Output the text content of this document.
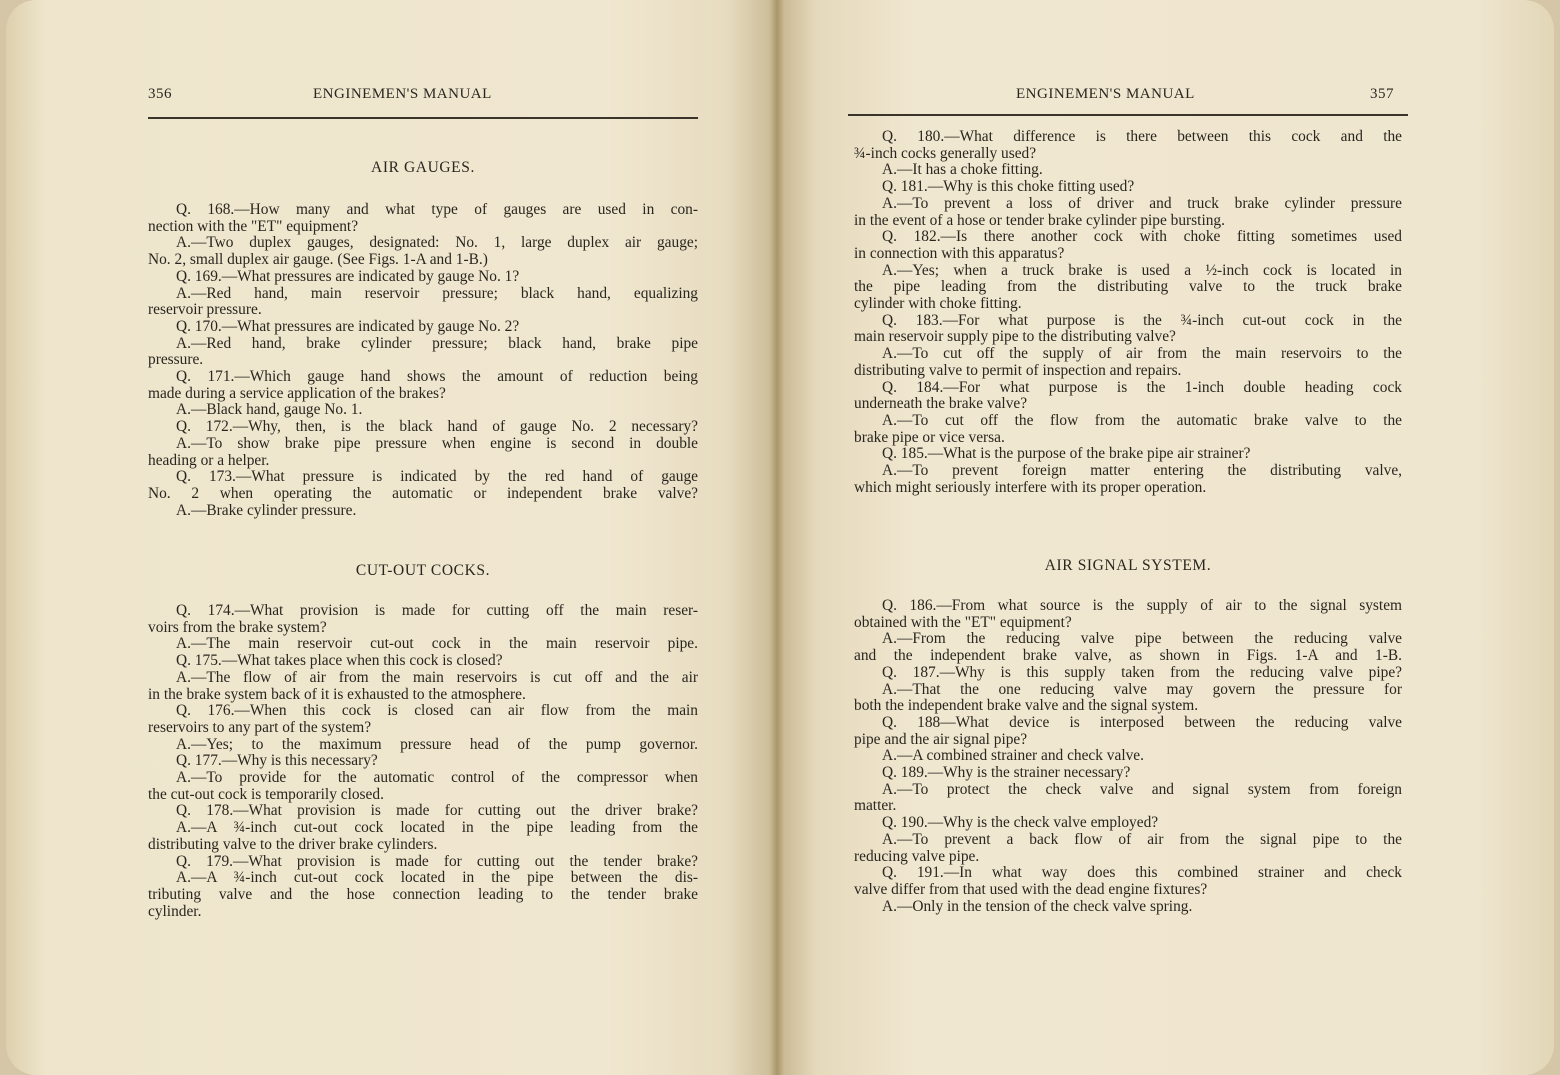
356	ENGINEMEN'S MANUAL
AIR GAUGES.
Q. 168.—How many and what type of gauges are used in con-
nection with the "ET" equipment?
A.—Two duplex gauges, designated: No. 1, large duplex air gauge;
No. 2, small duplex air gauge. (See Figs. 1-A and 1-B.)
Q. 169.—What pressures are indicated by gauge No. 1?
A.—Red hand, main reservoir pressure; black hand, equalizing
reservoir pressure.
Q. 170.—What pressures are indicated by gauge No. 2?
A.—Red hand, brake cylinder pressure; black hand, brake pipe
pressure.
Q. 171.—Which gauge hand shows the amount of reduction being
made during a service application of the brakes?
A.—Black hand, gauge No. 1.
Q. 172.—Why, then, is the black hand of gauge No. 2 necessary?
A.—To show brake pipe pressure when engine is second in double
heading or a helper.
Q. 173.—What pressure is indicated by the red hand of gauge
No. 2 when operating the automatic or independent brake valve?
A.—Brake cylinder pressure.
CUT-OUT COCKS.
Q. 174.—What provision is made for cutting off the main reser-
voirs from the brake system?
A.—The main reservoir cut-out cock in the main reservoir pipe.
Q. 175.—What takes place when this cock is closed?
A.—The flow of air from the main reservoirs is cut off and the air
in the brake system back of it is exhausted to the atmosphere.
Q. 176.—When this cock is closed can air flow from the main
reservoirs to any part of the system?
A.—Yes; to the maximum pressure head of the pump governor.
Q. 177.—Why is this necessary?
A.—To provide for the automatic control of the compressor when
the cut-out cock is temporarily closed.
Q. 178.—What provision is made for cutting out the driver brake?
A.—A ¾-inch cut-out cock located in the pipe leading from the
distributing valve to the driver brake cylinders.
Q. 179.—What provision is made for cutting out the tender brake?
A.—A ¾-inch cut-out cock located in the pipe between the dis-
tributing valve and the hose connection leading to the tender brake
cylinder.
ENGINEMEN'S MANUAL	357
Q. 180.—What difference is there between this cock and the
¾-inch cocks generally used?
A.—It has a choke fitting.
Q. 181.—Why is this choke fitting used?
A.—To prevent a loss of driver and truck brake cylinder pressure
in the event of a hose or tender brake cylinder pipe bursting.
Q. 182.—Is there another cock with choke fitting sometimes used
in connection with this apparatus?
A.—Yes; when a truck brake is used a ½-inch cock is located in
the pipe leading from the distributing valve to the truck brake
cylinder with choke fitting.
Q. 183.—For what purpose is the ¾-inch cut-out cock in the
main reservoir supply pipe to the distributing valve?
A.—To cut off the supply of air from the main reservoirs to the
distributing valve to permit of inspection and repairs.
Q. 184.—For what purpose is the 1-inch double heading cock
underneath the brake valve?
A.—To cut off the flow from the automatic brake valve to the
brake pipe or vice versa.
Q. 185.—What is the purpose of the brake pipe air strainer?
A.—To prevent foreign matter entering the distributing valve,
which might seriously interfere with its proper operation.
AIR SIGNAL SYSTEM.
Q. 186.—From what source is the supply of air to the signal system
obtained with the "ET" equipment?
A.—From the reducing valve pipe between the reducing valve
and the independent brake valve, as shown in Figs. 1-A and 1-B.
Q. 187.—Why is this supply taken from the reducing valve pipe?
A.—That the one reducing valve may govern the pressure for
both the independent brake valve and the signal system.
Q. 188—What device is interposed between the reducing valve
pipe and the air signal pipe?
A.—A combined strainer and check valve.
Q. 189.—Why is the strainer necessary?
A.—To protect the check valve and signal system from foreign
matter.
Q. 190.—Why is the check valve employed?
A.—To prevent a back flow of air from the signal pipe to the
reducing valve pipe.
Q. 191.—In what way does this combined strainer and check
valve differ from that used with the dead engine fixtures?
A.—Only in the tension of the check valve spring.
